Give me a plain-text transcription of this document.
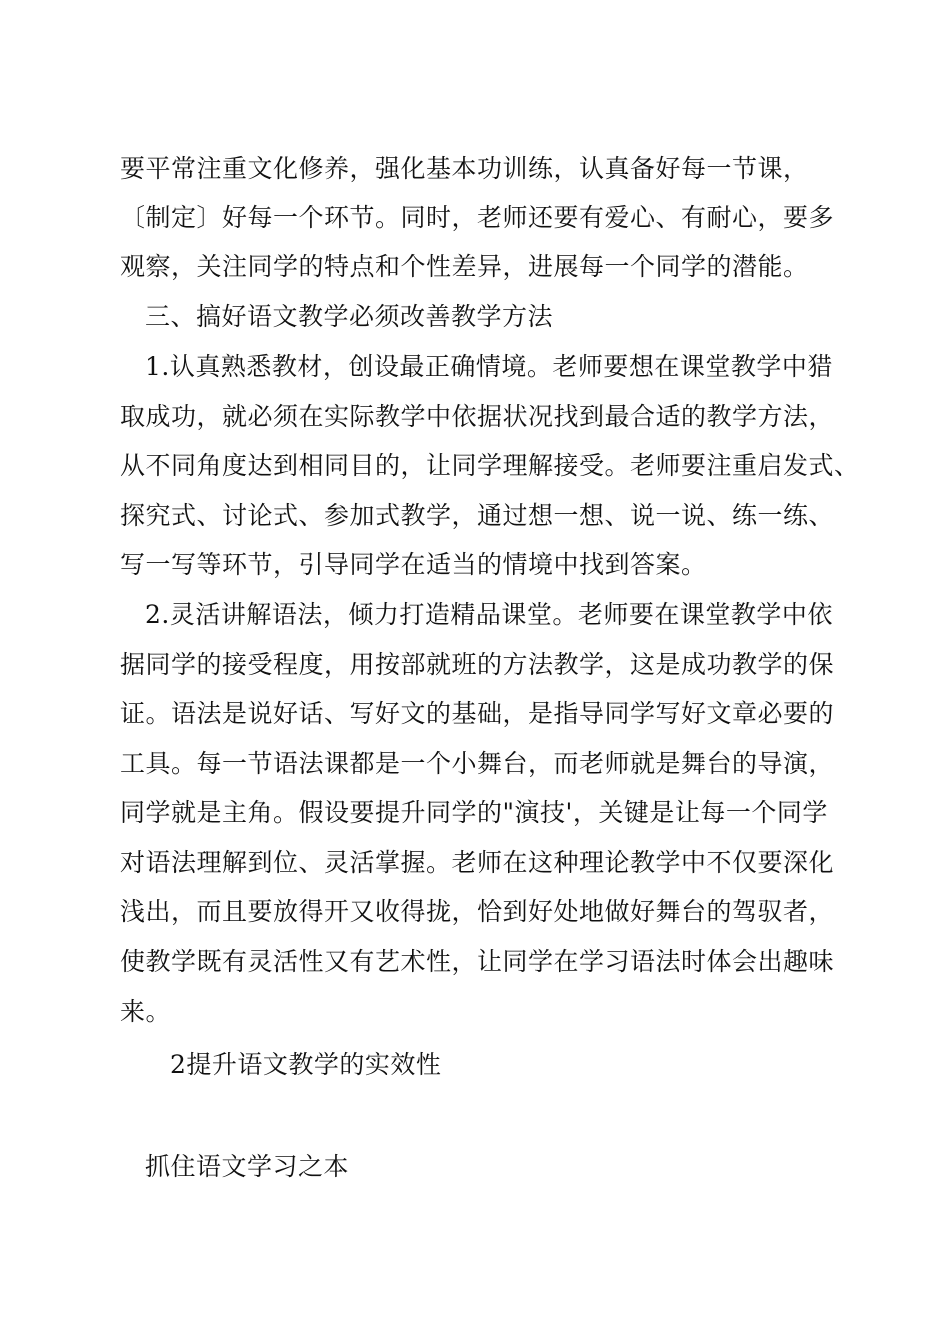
要平常注重文化修养，强化基本功训练，认真备好每一节课，
〔制定〕好每一个环节。同时，老师还要有爱心、有耐心，要多
观察，关注同学的特点和个性差异，进展每一个同学的潜能。
三、搞好语文教学必须改善教学方法
1.认真熟悉教材，创设最正确情境。老师要想在课堂教学中猎
取成功，就必须在实际教学中依据状况找到最合适的教学方法，
从不同角度达到相同目的，让同学理解接受。老师要注重启发式、
探究式、讨论式、参加式教学，通过想一想、说一说、练一练、
写一写等环节，引导同学在适当的情境中找到答案。
2.灵活讲解语法，倾力打造精品课堂。老师要在课堂教学中依
据同学的接受程度，用按部就班的方法教学，这是成功教学的保
证。语法是说好话、写好文的基础，是指导同学写好文章必要的
工具。每一节语法课都是一个小舞台，而老师就是舞台的导演，
同学就是主角。假设要提升同学的"演技'，关键是让每一个同学
对语法理解到位、灵活掌握。老师在这种理论教学中不仅要深化
浅出，而且要放得开又收得拢，恰到好处地做好舞台的驾驭者，
使教学既有灵活性又有艺术性，让同学在学习语法时体会出趣味
来。
2提升语文教学的实效性
抓住语文学习之本
